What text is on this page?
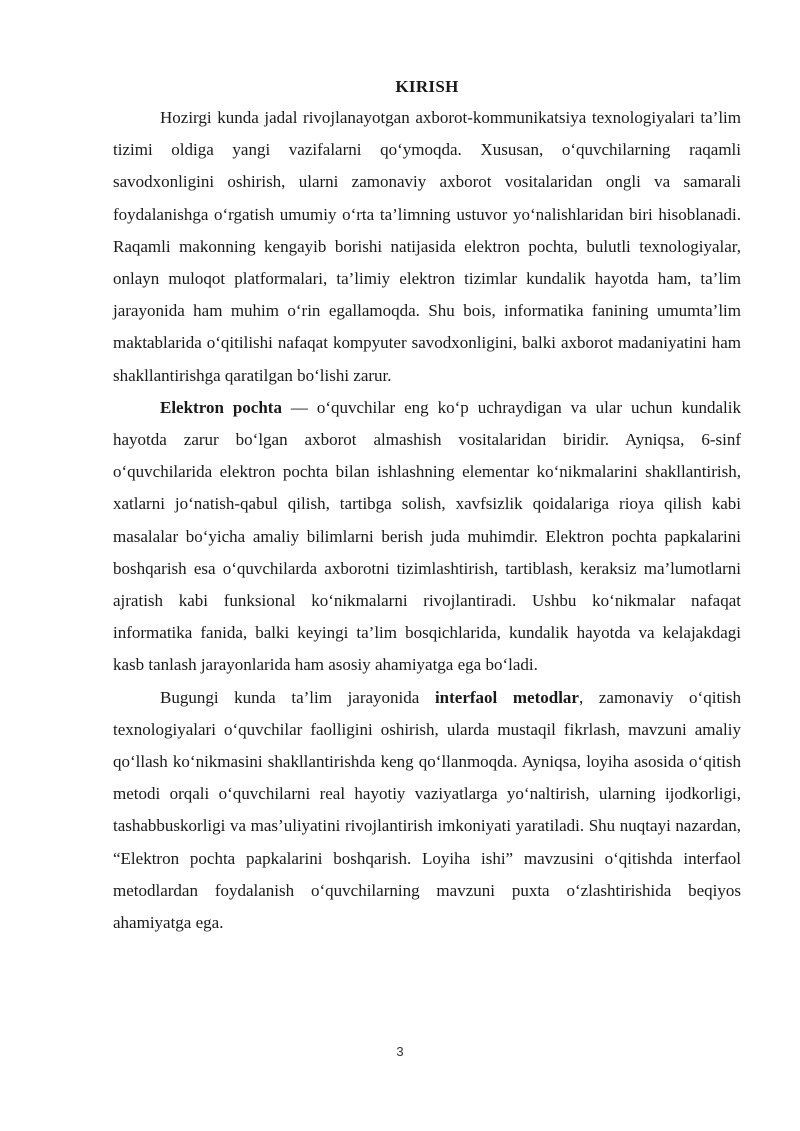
KIRISH

Hozirgi kunda jadal rivojlanayotgan axborot-kommunikatsiya texnologiyalari ta’lim tizimi oldiga yangi vazifalarni qo‘ymoqda. Xususan, o‘quvchilarning raqamli savodxonligini oshirish, ularni zamonaviy axborot vositalaridan ongli va samarali foydalanishga o‘rgatish umumiy o‘rta ta’limning ustuvor yo‘nalishlaridan biri hisoblanadi. Raqamli makonning kengayib borishi natijasida elektron pochta, bulutli texnologiyalar, onlayn muloqot platformalari, ta’limiy elektron tizimlar kundalik hayotda ham, ta’lim jarayonida ham muhim o‘rin egallamoqda. Shu bois, informatika fanining umumta’lim maktablarida o‘qitilishi nafaqat kompyuter savodxonligini, balki axborot madaniyatini ham shakllantirishga qaratilgan bo‘lishi zarur.

Elektron pochta — o‘quvchilar eng ko‘p uchraydigan va ular uchun kundalik hayotda zarur bo‘lgan axborot almashish vositalaridan biridir. Ayniqsa, 6-sinf o‘quvchilarida elektron pochta bilan ishlashning elementar ko‘nikmalarini shakllantirish, xatlarni jo‘natish-qabul qilish, tartibga solish, xavfsizlik qoidalariga rioya qilish kabi masalalar bo‘yicha amaliy bilimlarni berish juda muhimdir. Elektron pochta papkalarini boshqarish esa o‘quvchilarda axborotni tizimlashtirish, tartiblash, keraksiz ma’lumotlarni ajratish kabi funksional ko‘nikmalarni rivojlantiradi. Ushbu ko‘nikmalar nafaqat informatika fanida, balki keyingi ta’lim bosqichlarida, kundalik hayotda va kelajakdagi kasb tanlash jarayonlarida ham asosiy ahamiyatga ega bo‘ladi.

Bugungi kunda ta’lim jarayonida interfaol metodlar, zamonaviy o‘qitish texnologiyalari o‘quvchilar faolligini oshirish, ularda mustaqil fikrlash, mavzuni amaliy qo‘llash ko‘nikmasini shakllantirishda keng qo‘llanmoqda. Ayniqsa, loyiha asosida o‘qitish metodi orqali o‘quvchilarni real hayotiy vaziyatlarga yo‘naltirish, ularning ijodkorligi, tashabbuskorligi va mas’uliyatini rivojlantirish imkoniyati yaratiladi. Shu nuqtayi nazardan, “Elektron pochta papkalarini boshqarish. Loyiha ishi” mavzusini o‘qitishda interfaol metodlardan foydalanish o‘quvchilarning mavzuni puxta o‘zlashtirishida beqiyos ahamiyatga ega.

3
